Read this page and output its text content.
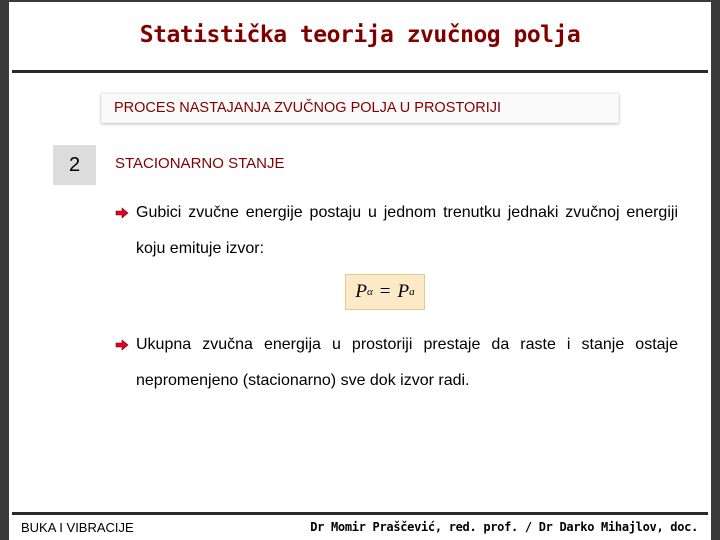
Statistička teorija zvučnog polja
PROCES NASTAJANJA ZVUČNOG POLJA U PROSTORIJI
2	STACIONARNO STANJE
Gubici zvučne energije postaju u jednom trenutku jednaki zvučnoj energiji koju emituje izvor:
P α = P a
Ukupna zvučna energija u prostoriji prestaje da raste i stanje ostaje nepromenjeno (stacionarno) sve dok izvor radi.
BUKA I VIBRACIJE	Dr Momir Praščević, red. prof. / Dr Darko Mihajlov, doc.
